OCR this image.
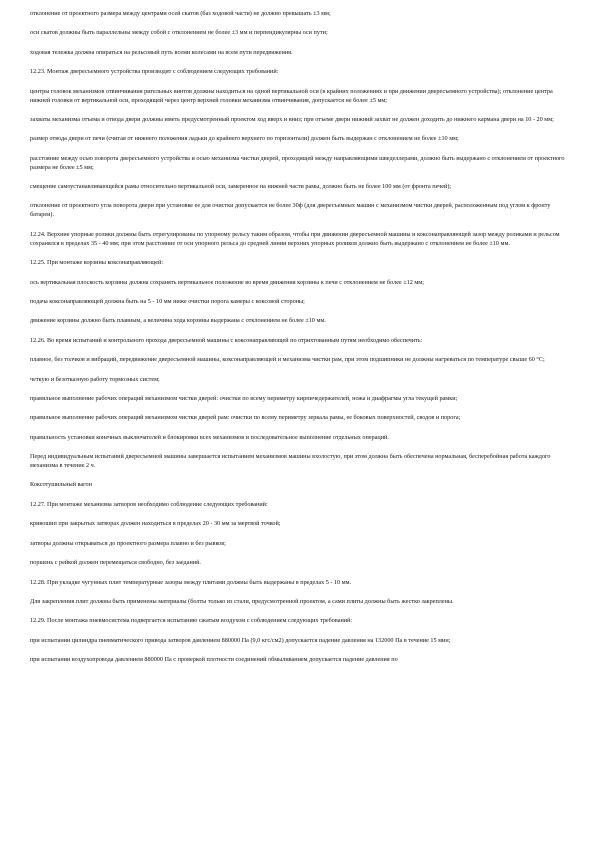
отклонение от проектного размера между центрами осей скатов (баз ходовой части) не должно превышать ±3 мм;

оси скатов должны быть параллельны между собой с отклонением не более ±3 мм и перпендикулярны оси пути;

ходовая тележка должна опираться на рельсовый путь всеми колесами на всем пути передвижения.

12.23. Монтаж двересъемного устройства производят с соблюдением следующих требований:

центры головок механизмов отвинчивания ригельных винтов должны находиться на одной вертикальной оси (в крайних положениях и при движении двересъемного устройства); отклонение центра нижней головки от вертикальной оси, проходящей через центр верхней головки механизма отвинчивания, допускается не более ±5 мм;

захваты механизма отъема и отвода двери должны иметь предусмотренный проектом ход вверх и вниз; при отъеме двери нижний захват не должен доходить до нижнего кармана двери на 10 - 20 мм;

размер отвода двери от печи (считая от нижнего положения ладьки до крайнего верхнего по горизонтали) должен быть выдержан с отклонением не более ±10 мм;

расстояние между осью поворота двересъемного устройства и осью механизма чистки дверей, проходящей между направляющими шведеллерами, должно быть выдержано с отклонением от проектного размера не более ±5 мм;

смещение самоустанавливающейся рамы относительно вертикальной оси, замеренное на нижней части рамы, должно быть не более 100 мм (от фронта печей);

отклонение от проектного угла поворота двери при установке ее для очистки допускается не более 30ф (для двересъемных машин с механизмом чистки дверей, расположенным под углом к фронту батареи).

12.24. Верхние упорные ролики должны быть отрегулированы по упорному рельсу таким образом, чтобы при движении двересъемной машины и коксонаправляющей зазор между роликами и рельсом сохранялся в пределах 35 - 40 мм; при этом расстояние от оси упорного рельса до средней линии верхних упорных роликов должно быть выдержано с отклонением не более ±10 мм.

12.25. При монтаже корзины коксонаправляющей:

ось вертикальная плоскость корзины должна сохранять вертикальное положение во время движения корзины к печи с отклонением не более ±12 мм;

подача коксонаправляющей должна быть на 5 - 10 мм ниже очистки порога камеры с коксовой стороны;

движение корзины должно быть плавным, а величина хода корзины выдержана с отклонением не более ±10 мм.

12.26. Во время испытаний и контрольного прохода двересъемной машины с коксонаправляющей по отрихтованным путям необходимо обеспечить:

плавное, без толчков и вибраций, передвижение двересъемной машины, коксонаправляющей и механизма чистки рам, при этом подшипники не должны нагреваться по температуре свыше 60 °С;

четкую и безотказную работу тормозных систем;

правильное выполнение рабочих операций механизмом чистки дверей: очистки по всему периметру кирпичедержателей, ножа и диафрагмы угла текущей рамки;

правильное выполнение рабочих операций механизмом чистки дверей рам: очистки по всему периметру зеркала рамы, ее боковых поверхностей, сводов и порога;

правильность установки конечных выключателей и блокировки всех механизмов и последовательное выполнение отдельных операций.

Перед индивидуальным испытаний двересъемной машины завершается испытанием механизмов машины вхолостую, при этом должна быть обеспечена нормальная, бесперебойная работа каждого механизма в течение 2 ч.

Коксотушильный вагон

12.27. При монтаже механизма затворов необходимо соблюдение следующих требований:

кривошип при закрытых затворах должен находиться в пределах 20 - 30 мм за мертвой точкой;

затворы должны открываться до проектного размера плавно и без рывков;

поршень с рейкой должен перемещаться свободно, без заеданий.

12.28. При укладке чугунных плит температурные зазоры между плитами должны быть выдержаны в пределах 5 - 10 мм.

Для закрепления плит должны быть применены материалы (болты только из стали, предусмотренной проектом, а сами плиты должны быть жестко закреплены.

12.29. После монтажа пневмосистема подвергается испытанию сжатым воздухом с соблюдением следующих требований:

при испытании цилиндра пневматического привода затворов давлением 880000 Па (9,0 кгс/см2) допускается падение давления на 132000 Па в течение 15 мин;

при испытании воздухопровода давлением 880000 Па с проверкой плотности соединений обмыливанием допускается падение давления по
